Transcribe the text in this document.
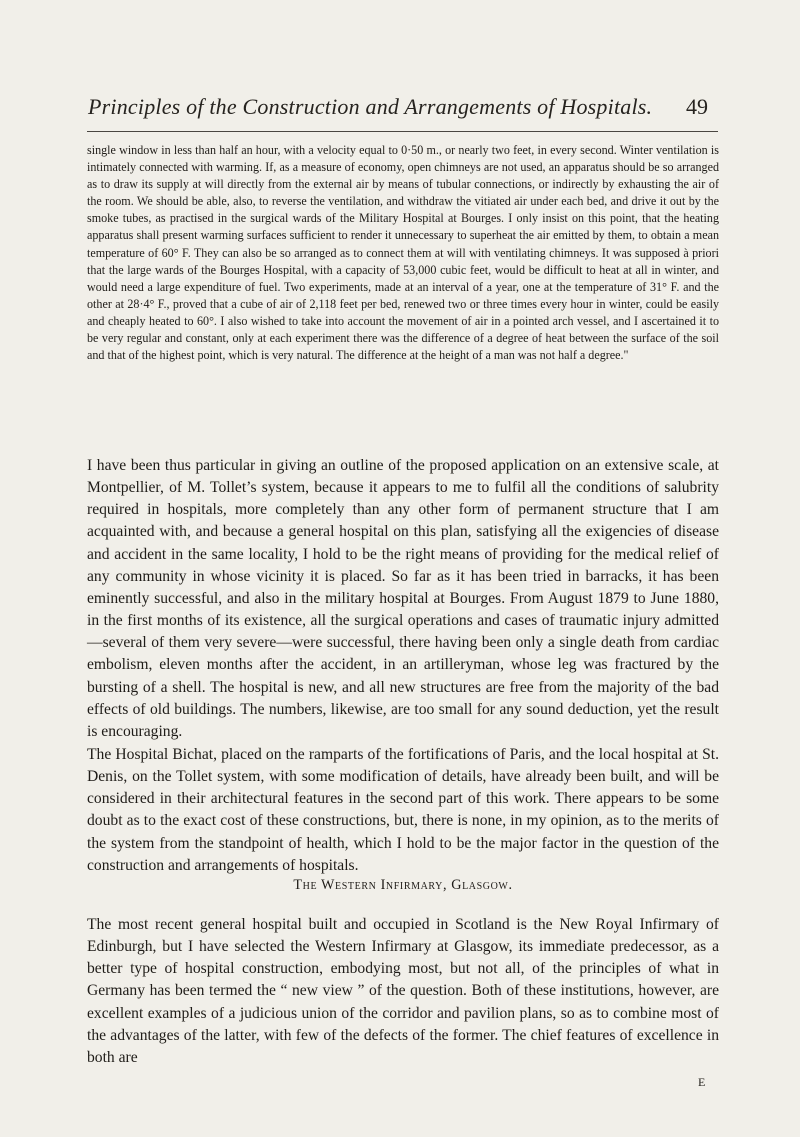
Principles of the Construction and Arrangements of Hospitals.	49

single window in less than half an hour, with a velocity equal to 0·50 m., or nearly two feet, in every second. Winter ventilation is intimately connected with warming. If, as a measure of economy, open chimneys are not used, an apparatus should be so arranged as to draw its supply at will directly from the external air by means of tubular connections, or indirectly by exhausting the air of the room. We should be able, also, to reverse the ventilation, and withdraw the vitiated air under each bed, and drive it out by the smoke tubes, as practised in the surgical wards of the Military Hospital at Bourges. I only insist on this point, that the heating apparatus shall present warming surfaces sufficient to render it unnecessary to superheat the air emitted by them, to obtain a mean temperature of 60° F. They can also be so arranged as to connect them at will with ventilating chimneys. It was supposed à priori that the large wards of the Bourges Hospital, with a capacity of 53,000 cubic feet, would be difficult to heat at all in winter, and would need a large expenditure of fuel. Two experiments, made at an interval of a year, one at the temperature of 31° F. and the other at 28·4° F., proved that a cube of air of 2,118 feet per bed, renewed two or three times every hour in winter, could be easily and cheaply heated to 60°. I also wished to take into account the movement of air in a pointed arch vessel, and I ascertained it to be very regular and constant, only at each experiment there was the difference of a degree of heat between the surface of the soil and that of the highest point, which is very natural. The difference at the height of a man was not half a degree."

I have been thus particular in giving an outline of the proposed application on an extensive scale, at Montpellier, of M. Tollet’s system, because it appears to me to fulfil all the conditions of salubrity required in hospitals, more completely than any other form of permanent structure that I am acquainted with, and because a general hospital on this plan, satisfying all the exigencies of disease and accident in the same locality, I hold to be the right means of providing for the medical relief of any community in whose vicinity it is placed. So far as it has been tried in barracks, it has been eminently successful, and also in the military hospital at Bourges. From August 1879 to June 1880, in the first months of its existence, all the surgical operations and cases of traumatic injury admitted—several of them very severe—were successful, there having been only a single death from cardiac embolism, eleven months after the accident, in an artilleryman, whose leg was fractured by the bursting of a shell. The hospital is new, and all new structures are free from the majority of the bad effects of old buildings. The numbers, likewise, are too small for any sound deduction, yet the result is encouraging.

The Hospital Bichat, placed on the ramparts of the fortifications of Paris, and the local hospital at St. Denis, on the Tollet system, with some modification of details, have already been built, and will be considered in their architectural features in the second part of this work. There appears to be some doubt as to the exact cost of these constructions, but, there is none, in my opinion, as to the merits of the system from the standpoint of health, which I hold to be the major factor in the question of the construction and arrangements of hospitals.

The Western Infirmary, Glasgow.

The most recent general hospital built and occupied in Scotland is the New Royal Infirmary of Edinburgh, but I have selected the Western Infirmary at Glasgow, its immediate predecessor, as a better type of hospital construction, embodying most, but not all, of the principles of what in Germany has been termed the “ new view ” of the question. Both of these institutions, however, are excellent examples of a judicious union of the corridor and pavilion plans, so as to combine most of the advantages of the latter, with few of the defects of the former. The chief features of excellence in both are

E
